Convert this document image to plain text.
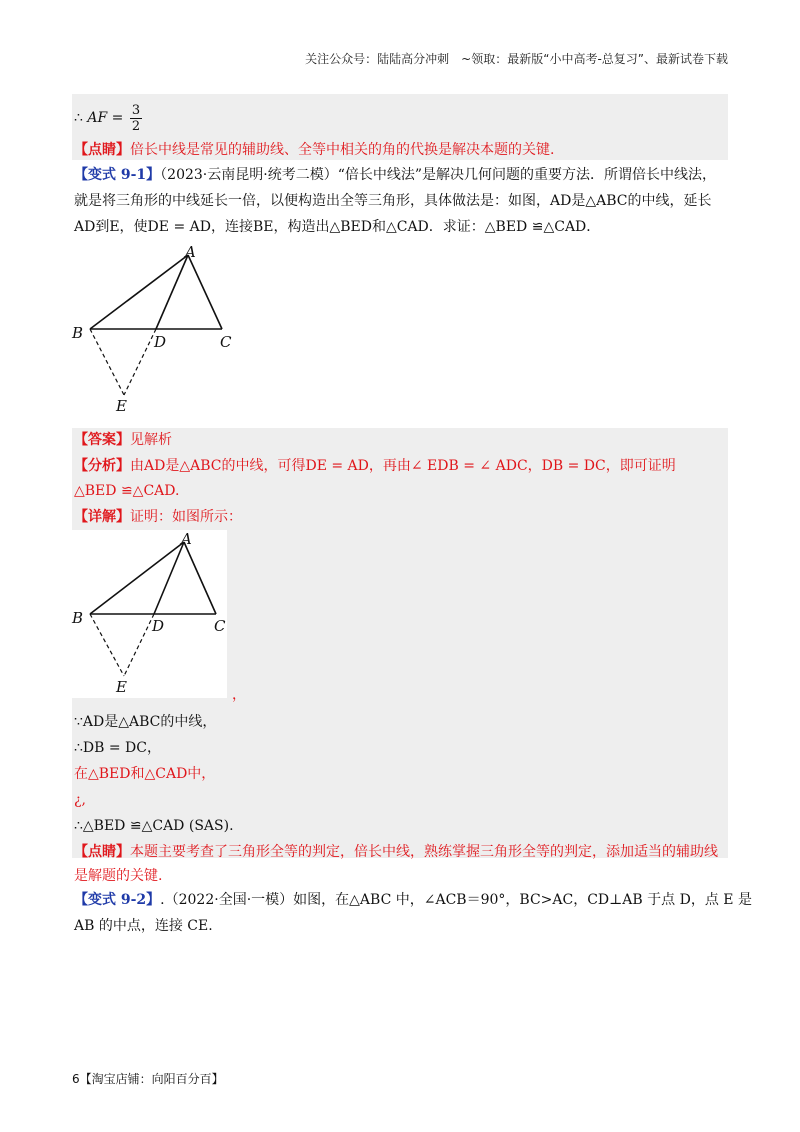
关注公众号：陆陆高分冲刺　~领取：最新版“小中高考-总复习”、最新试卷下载
∴ AF = $\frac{3}{2}$
【点睛】倍长中线是常见的辅助线、全等中相关的角的代换是解决本题的关键.
【变式 9-1】（2023·云南昆明·统考二模）“倍长中线法”是解决几何问题的重要方法．所谓倍长中线法，
就是将三角形的中线延长一倍，以便构造出全等三角形，具体做法是：如图，AD是△ABC的中线，延长
AD到E，使DE = AD，连接BE，构造出△BED和△CAD．求证：△BED ≌△CAD．
A
B	C
D
E
【答案】见解析
【分析】由AD是△ABC的中线，可得DE = AD，再由∠ EDB = ∠ ADC，DB = DC，即可证明
△BED ≌△CAD.
【详解】证明：如图所示：
A
B	C
D
E	，
∵AD是△ABC的中线，
∴DB = DC，
在△BED和△CAD中，
¿,
∴△BED ≌△CAD (SAS).
【点睛】本题主要考查了三角形全等的判定，倍长中线，熟练掌握三角形全等的判定，添加适当的辅助线
是解题的关键.
【变式 9-2】.（2022·全国·一模）如图，在△ABC 中，∠ACB＝90°，BC>AC，CD⊥AB 于点 D，点 E 是
AB 的中点，连接 CE.
6【淘宝店铺：向阳百分百】
